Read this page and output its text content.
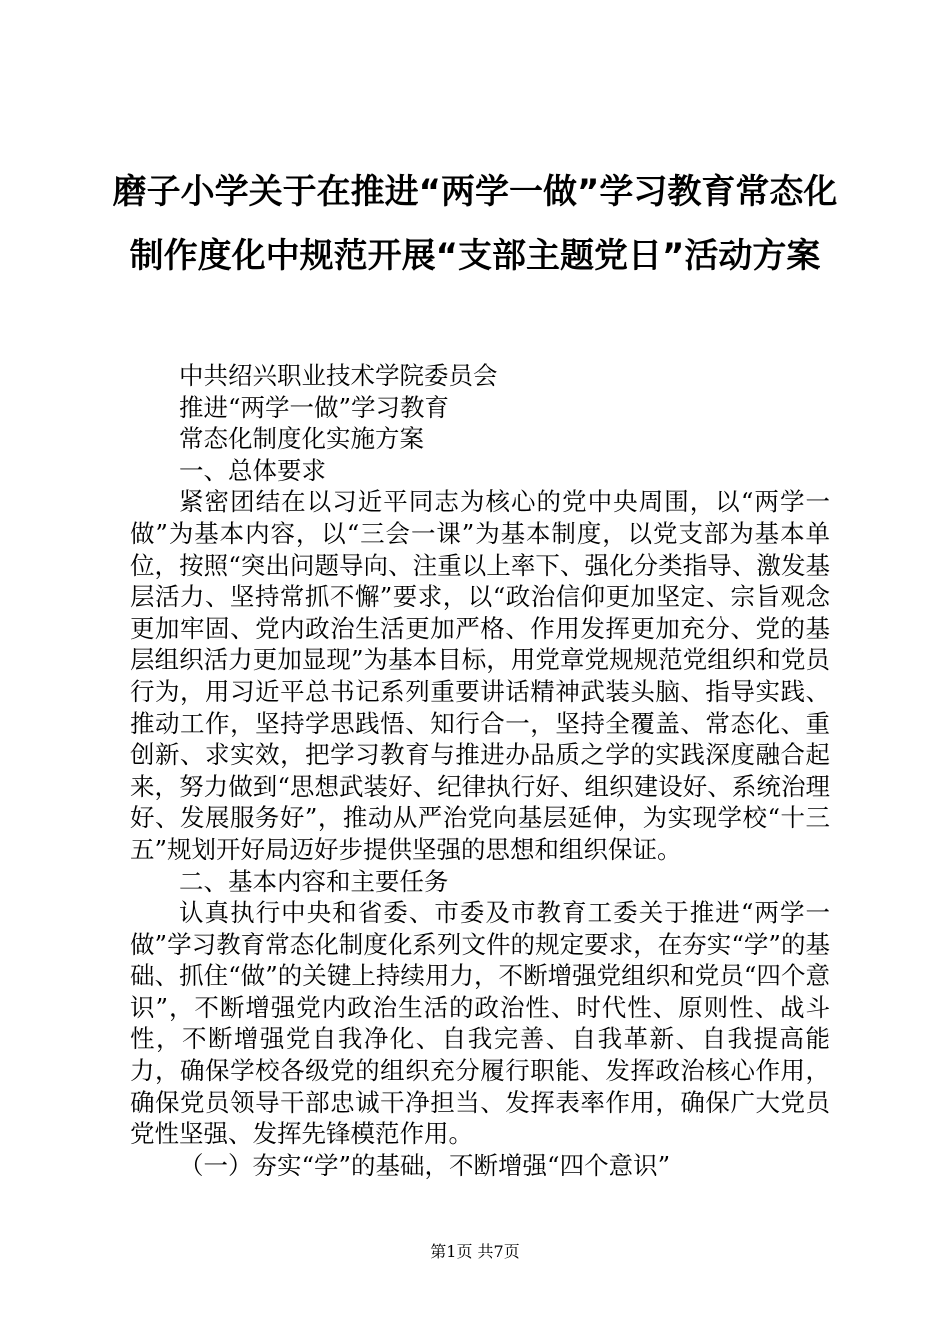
磨子小学关于在推进“两学一做”学习教育常态化制作度化中规范开展“支部主题党日”活动方案

中共绍兴职业技术学院委员会

推进“两学一做”学习教育

常态化制度化实施方案

一、总体要求

紧密团结在以习近平同志为核心的党中央周围，以“两学一做”为基本内容，以“三会一课”为基本制度，以党支部为基本单位，按照“突出问题导向、注重以上率下、强化分类指导、激发基层活力、坚持常抓不懈”要求，以“政治信仰更加坚定、宗旨观念更加牢固、党内政治生活更加严格、作用发挥更加充分、党的基层组织活力更加显现”为基本目标，用党章党规规范党组织和党员行为，用习近平总书记系列重要讲话精神武装头脑、指导实践、推动工作，坚持学思践悟、知行合一，坚持全覆盖、常态化、重创新、求实效，把学习教育与推进办品质之学的实践深度融合起来，努力做到“思想武装好、纪律执行好、组织建设好、系统治理好、发展服务好”，推动从严治党向基层延伸，为实现学校“十三五”规划开好局迈好步提供坚强的思想和组织保证。

二、基本内容和主要任务

认真执行中央和省委、市委及市教育工委关于推进“两学一做”学习教育常态化制度化系列文件的规定要求，在夯实“学”的基础、抓住“做”的关键上持续用力，不断增强党组织和党员“四个意识”，不断增强党内政治生活的政治性、时代性、原则性、战斗性，不断增强党自我净化、自我完善、自我革新、自我提高能力，确保学校各级党的组织充分履行职能、发挥政治核心作用，确保党员领导干部忠诚干净担当、发挥表率作用，确保广大党员党性坚强、发挥先锋模范作用。

（一）夯实“学”的基础，不断增强“四个意识”

第1页 共7页
